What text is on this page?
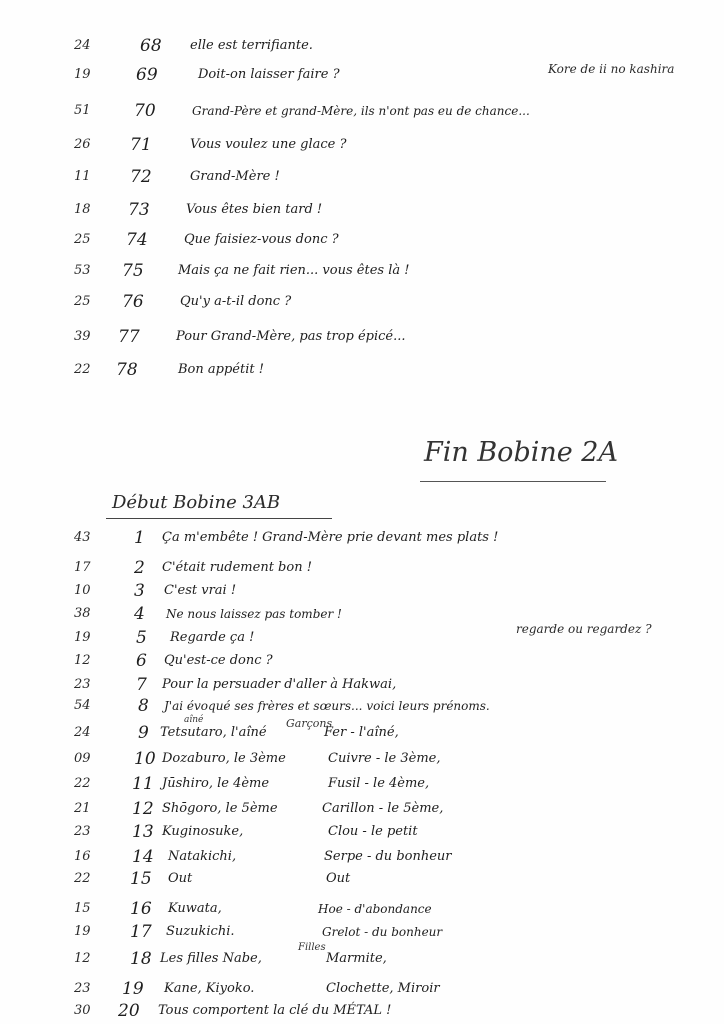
Kore de ii no kashira
24	68	elle est terrifiante.
19	69	Doit-on laisser faire ?
51	70	Grand-Père et grand-Mère, ils n'ont pas eu de chance...
26	71	Vous voulez une glace ?
11	72	Grand-Mère !
18	73	Vous êtes bien tard !
25	74	Que faisiez-vous donc ?
53	75	Mais ça ne fait rien... vous êtes là !
25	76	Qu'y a-t-il donc ?
39	77	Pour Grand-Mère, pas trop épicé...
22	78	Bon appétit !
Fin Bobine 2A
Début Bobine 3AB
regarde ou regardez ?
43	1	Ça m'embête ! Grand-Mère prie devant mes plats !
17	2	C'était rudement bon !
10	3	C'est vrai !
38	4	Ne nous laissez pas tomber !
19	5	Regarde ça !
12	6	Qu'est-ce donc ?
23	7	Pour la persuader d'aller à Hakwai,
54	8	J'ai évoqué ses frères et sœurs... voici leurs prénoms.
aîné	Garçons
24	9 Tetsutaro, l'aîné	Fer - l'aîné,
09	10 Dozaburo, le 3ème	Cuivre - le 3ème,
22	11 Jūshiro, le 4ème	Fusil - le 4ème,
21	12 Shōgoro, le 5ème	Carillon - le 5ème,
23	13 Kuginosuke,	Clou - le petit
16	14	Natakichi,	Serpe - du bonheur
22	15	Out	Out
15	16	Kuwata,	Hoe - d'abondance
19	17	Suzukichi.	Grelot - du bonheur
Filles
12	18 Les filles Nabe,	Marmite,
23	19	Kane, Kiyoko.	Clochette, Miroir
30	20	Tous comportent la clé du MÉTAL !
